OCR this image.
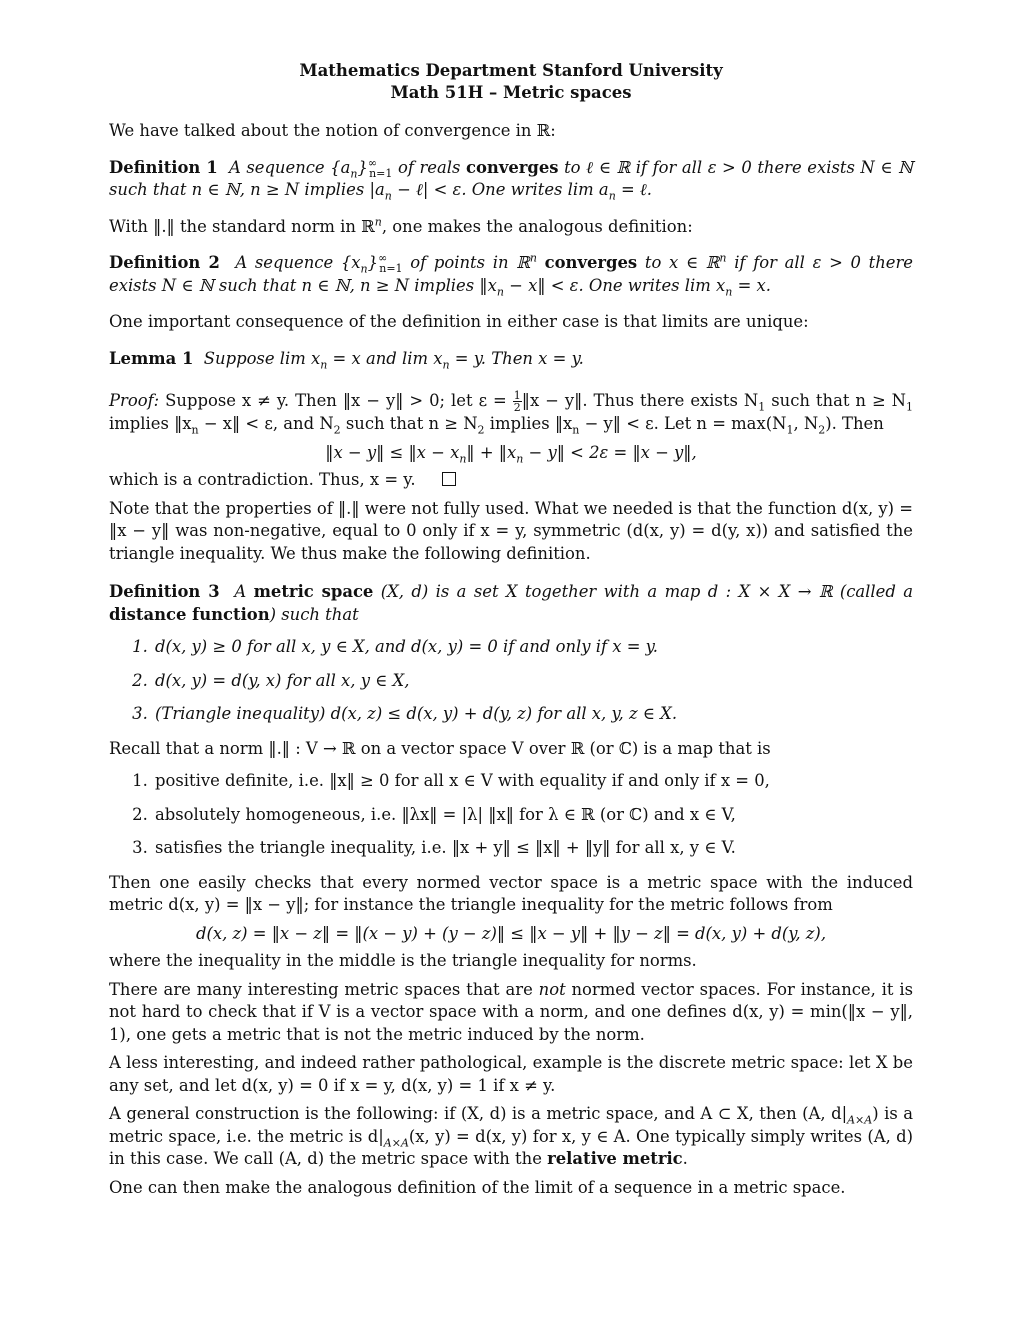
Mathematics Department Stanford University
Math 51H – Metric spaces

We have talked about the notion of convergence in ℝ:

Definition 1 A sequence $\{a_n\}^\infty_{n=1}$ of reals converges to ℓ ∈ ℝ if for all ε > 0 there exists N ∈ ℕ such that n ∈ ℕ, n ≥ N implies $|a_n$ − ℓ| < ε. One writes $\lim a_n$ = ℓ.

With ‖.‖ the standard norm in ℝ$^n$, one makes the analogous definition:

Definition 2 A sequence $\{x_n\}^\infty_{n=1}$ of points in ℝ$^n$ converges to x ∈ ℝ$^n$ if for all ε > 0 there exists N ∈ ℕ such that n ∈ ℕ, n ≥ N implies $‖x_n$ − x‖ < ε. One writes $\lim x_n = x$.

One important consequence of the definition in either case is that limits are unique:

Lemma 1 Suppose $\lim x_n = x$ and $\lim x_n = y$. Then x = y.

Proof: Suppose x ≠ y. Then ‖x − y‖ > 0; let $\varepsilon = \frac{1}{2}$ ‖x − y‖. Thus there exists $N_1$ such that $n \ge N_1$ implies $‖x_n$ − x‖ < ε, and $N_2$ such that $n \ge N_2$ implies $‖x_n$ − y‖ < ε. Let $n = \max(N_1$, $N_2$). Then

‖x − y‖ ≤ ‖x − $x_n‖$ + $‖x_n$ − y‖ < 2ε = ‖x − y‖,

which is a contradiction. Thus, x = y.

Note that the properties of ‖.‖ were not fully used. What we needed is that the function d(x, y) = ‖x − y‖ was non-negative, equal to 0 only if x = y, symmetric (d(x, y) = d(y, x)) and satisfied the triangle inequality. We thus make the following definition.

Definition 3 A metric space (X, d) is a set X together with a map d : X × X → ℝ (called a distance function) such that

1. d(x, y) ≥ 0 for all x, y ∈ X, and d(x, y) = 0 if and only if x = y.
2. d(x, y) = d(y, x) for all x, y ∈ X,
3. (Triangle inequality) d(x, z) ≤ d(x, y) + d(y, z) for all x, y, z ∈ X.

Recall that a norm ‖.‖ : V → ℝ on a vector space V over ℝ (or ℂ) is a map that is

1. positive definite, i.e. ‖x‖ ≥ 0 for all x ∈ V with equality if and only if x = 0,
2. absolutely homogeneous, i.e. ‖λx‖ = |λ| ‖x‖ for λ ∈ ℝ (or ℂ) and x ∈ V,
3. satisfies the triangle inequality, i.e. ‖x + y‖ ≤ ‖x‖ + ‖y‖ for all x, y ∈ V.

Then one easily checks that every normed vector space is a metric space with the induced metric d(x, y) = ‖x − y‖; for instance the triangle inequality for the metric follows from

d(x, z) = ‖x − z‖ = ‖(x − y) + (y − z)‖ ≤ ‖x − y‖ + ‖y − z‖ = d(x, y) + d(y, z),

where the inequality in the middle is the triangle inequality for norms.

There are many interesting metric spaces that are not normed vector spaces. For instance, it is not hard to check that if V is a vector space with a norm, and one defines d(x, y) = min(‖x − y‖, 1), one gets a metric that is not the metric induced by the norm.

A less interesting, and indeed rather pathological, example is the discrete metric space: let X be any set, and let d(x, y) = 0 if x = y, d(x, y) = 1 if x ≠ y.

A general construction is the following: if (X, d) is a metric space, and A ⊂ X, then (A, $d|_{A\times A}$) is a metric space, i.e. the metric is $d|_{A\times A}(x$, y) = d(x, y) for x, y ∈ A. One typically simply writes (A, d) in this case. We call (A, d) the metric space with the relative metric.

One can then make the analogous definition of the limit of a sequence in a metric space.
